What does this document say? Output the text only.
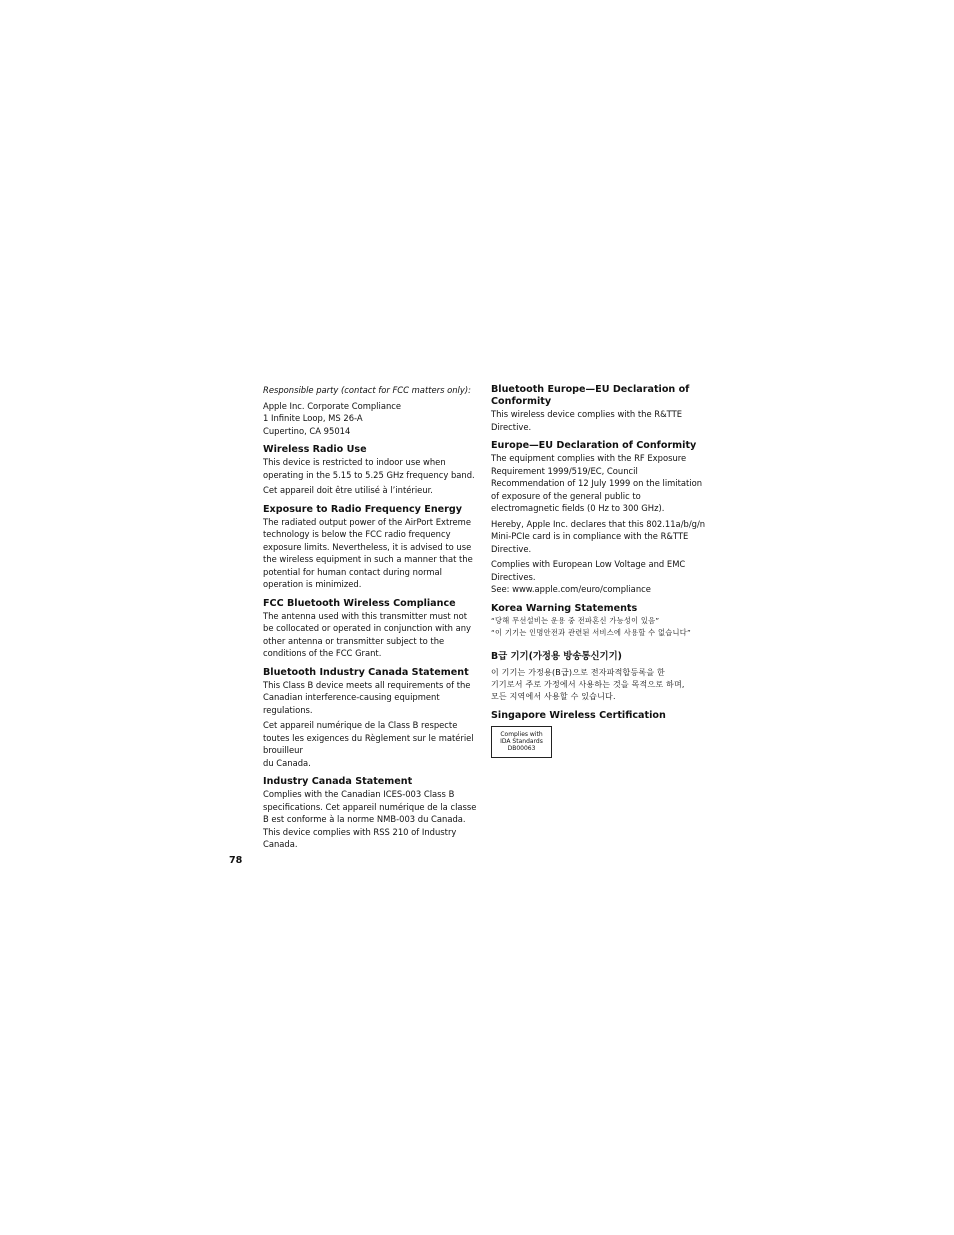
Responsible party (contact for FCC matters only):

Apple Inc. Corporate Compliance
1 Infinite Loop, MS 26-A
Cupertino, CA 95014

Wireless Radio Use

This device is restricted to indoor use when operating in the 5.15 to 5.25 GHz frequency band.

Cet appareil doit être utilisé à l’intérieur.

Exposure to Radio Frequency Energy

The radiated output power of the AirPort Extreme technology is below the FCC radio frequency exposure limits. Nevertheless, it is advised to use the wireless equipment in such a manner that the potential for human contact during normal operation is minimized.

FCC Bluetooth Wireless Compliance

The antenna used with this transmitter must not be collocated or operated in conjunction with any other antenna or transmitter subject to the conditions of the FCC Grant.

Bluetooth Industry Canada Statement

This Class B device meets all requirements of the Canadian interference-causing equipment regulations.

Cet appareil numérique de la Class B respecte toutes les exigences du Règlement sur le matériel brouilleur
du Canada.

Industry Canada Statement

Complies with the Canadian ICES-003 Class B specifications. Cet appareil numérique de la classe B est conforme à la norme NMB-003 du Canada. This device complies with RSS 210 of Industry Canada.

Bluetooth Europe—EU Declaration of Conformity

This wireless device complies with the R&TTE Directive.

Europe—EU Declaration of Conformity

The equipment complies with the RF Exposure Requirement 1999/519/EC, Council Recommendation of 12 July 1999 on the limitation of exposure of the general public to electromagnetic fields (0 Hz to 300 GHz).

Hereby, Apple Inc. declares that this 802.11a/b/g/n
Mini-PCIe card is in compliance with the R&TTE Directive.

Complies with European Low Voltage and EMC Directives.
See: www.apple.com/euro/compliance

Korea Warning Statements

“당해 무선설비는 운용 중 전파혼신 가능성이 있음”
“이 기기는 인명안전과 관련된 서비스에 사용할 수 없습니다”

B급 기기(가정용 방송통신기기)

이 기기는 가정용(B급)으로 전자파적합등록을 한
기기로서 주로 가정에서 사용하는 것을 목적으로 하며,
모든 지역에서 사용할 수 있습니다.

Singapore Wireless Certification
Complies with
IDA Standards
DB00063
78
